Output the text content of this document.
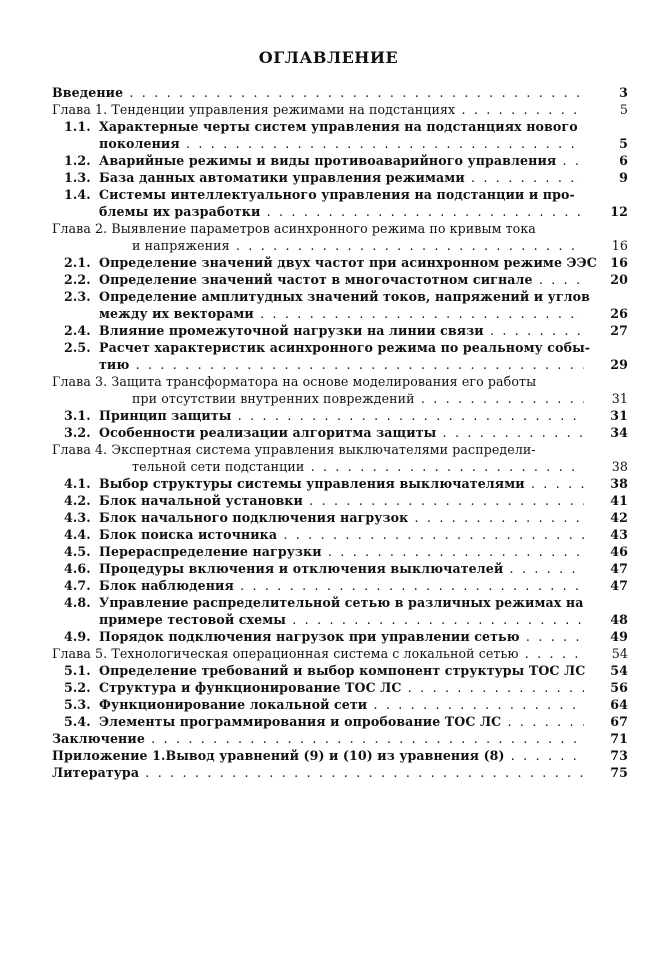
ОГЛАВЛЕНИЕ
Введение . . .	3
Глава 1. Тенденции управления режимами на подстанциях . . .	5
1.1. Характерные черты систем управления на подстанциях нового
поколения . . .	5
1.2. Аварийные режимы и виды противоаварийного управления . . .	6
1.3. База данных автоматики управления режимами . . .	9
1.4. Системы интеллектуального управления на подстанции и про-
блемы их разработки . . .	12
Глава 2. Выявление параметров асинхронного режима по кривым тока
и напряжения . . .	16
2.1. Определение значений двух частот при асинхронном режиме ЭЭС	16
2.2. Определение значений частот в многочастотном сигнале . . .	20
2.3. Определение амплитудных значений токов, напряжений и углов
между их векторами . . .	26
2.4. Влияние промежуточной нагрузки на линии связи . . .	27
2.5. Расчет характеристик асинхронного режима по реальному собы-
тию . . .	29
Глава 3. Защита трансформатора на основе моделирования его работы
при отсутствии внутренних повреждений . . .	31
3.1. Принцип защиты . . .	31
3.2. Особенности реализации алгоритма защиты . . .	34
Глава 4. Экспертная система управления выключателями распредели-
тельной сети подстанции . . .	38
4.1. Выбор структуры системы управления выключателями . . .	38
4.2. Блок начальной установки . . .	41
4.3. Блок начального подключения нагрузок . . .	42
4.4. Блок поиска источника . . .	43
4.5. Перераспределение нагрузки . . .	46
4.6. Процедуры включения и отключения выключателей . . .	47
4.7. Блок наблюдения . . .	47
4.8. Управление распределительной сетью в различных режимах на
примере тестовой схемы . . .	48
4.9. Порядок подключения нагрузок при управлении сетью . . .	49
Глава 5. Технологическая операционная система с локальной сетью . . .	54
5.1. Определение требований и выбор компонент структуры ТОС ЛС	54
5.2. Структура и функционирование ТОС ЛС . . .	56
5.3. Функционирование локальной сети . . .	64
5.4. Элементы программирования и опробование ТОС ЛС . . .	67
Заключение . . .	71
Приложение 1.Вывод уравнений (9) и (10) из уравнения (8) . . .	73
Литература . . .	75
